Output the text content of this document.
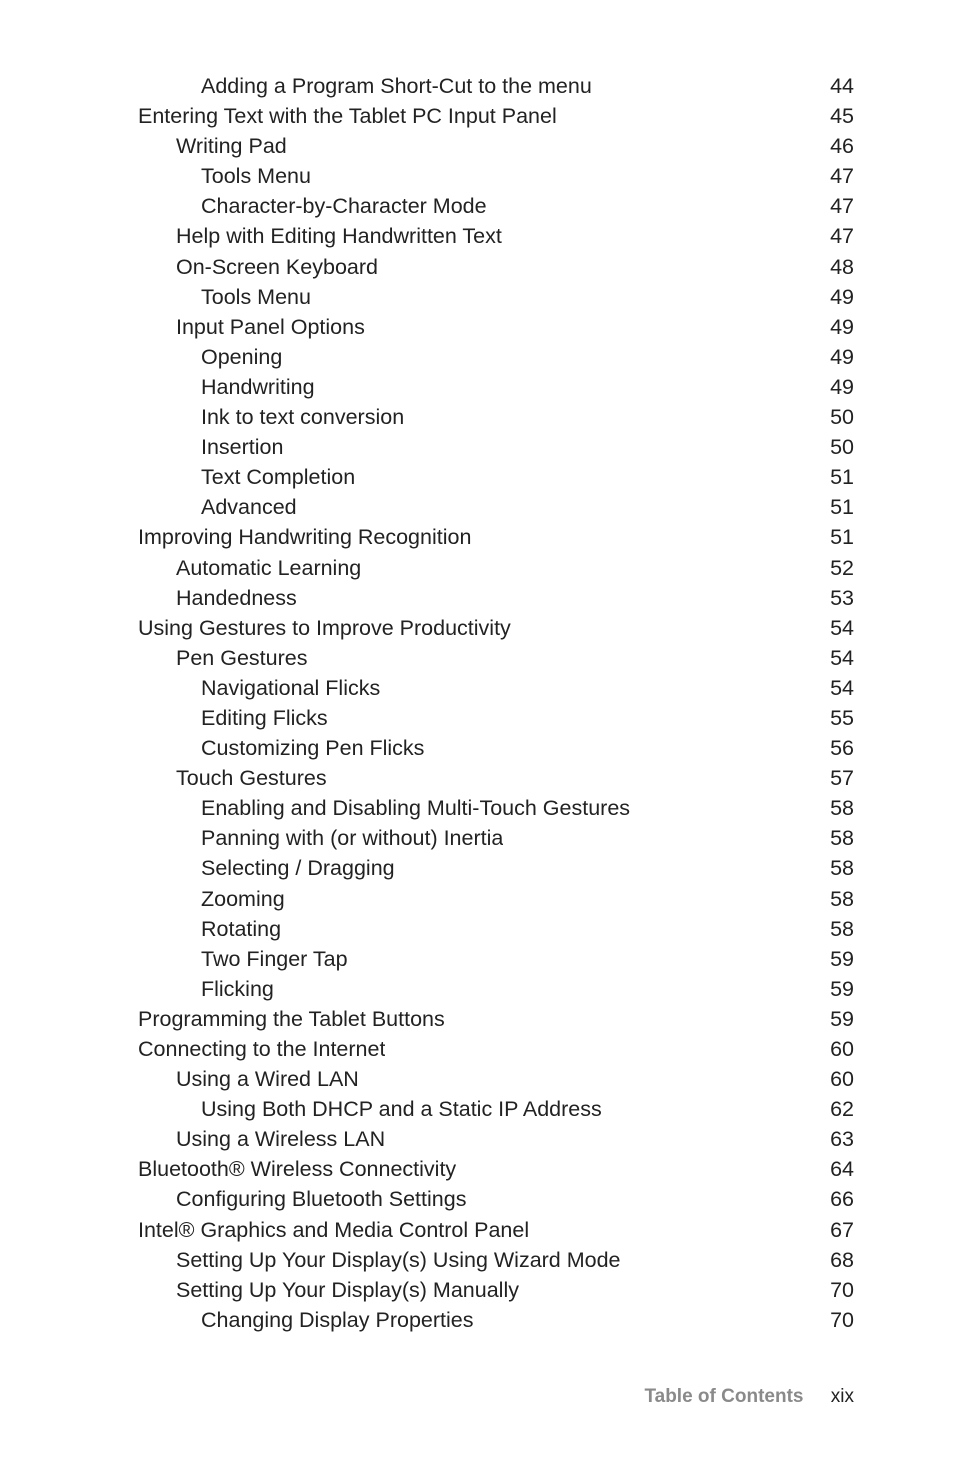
Adding a Program Short-Cut to the menu	44
Entering Text with the Tablet PC Input Panel	45
Writing Pad	46
Tools Menu	47
Character-by-Character Mode	47
Help with Editing Handwritten Text	47
On-Screen Keyboard	48
Tools Menu	49
Input Panel Options	49
Opening	49
Handwriting	49
Ink to text conversion	50
Insertion	50
Text Completion	51
Advanced	51
Improving Handwriting Recognition	51
Automatic Learning	52
Handedness	53
Using Gestures to Improve Productivity	54
Pen Gestures	54
Navigational Flicks	54
Editing Flicks	55
Customizing Pen Flicks	56
Touch Gestures	57
Enabling and Disabling Multi-Touch Gestures	58
Panning with (or without) Inertia	58
Selecting / Dragging	58
Zooming	58
Rotating	58
Two Finger Tap	59
Flicking	59
Programming the Tablet Buttons	59
Connecting to the Internet	60
Using a Wired LAN	60
Using Both DHCP and a Static IP Address	62
Using a Wireless LAN	63
Bluetooth® Wireless Connectivity	64
Configuring Bluetooth Settings	66
Intel® Graphics and Media Control Panel	67
Setting Up Your Display(s) Using Wizard Mode	68
Setting Up Your Display(s) Manually	70
Changing Display Properties	70
Table of Contents xix
